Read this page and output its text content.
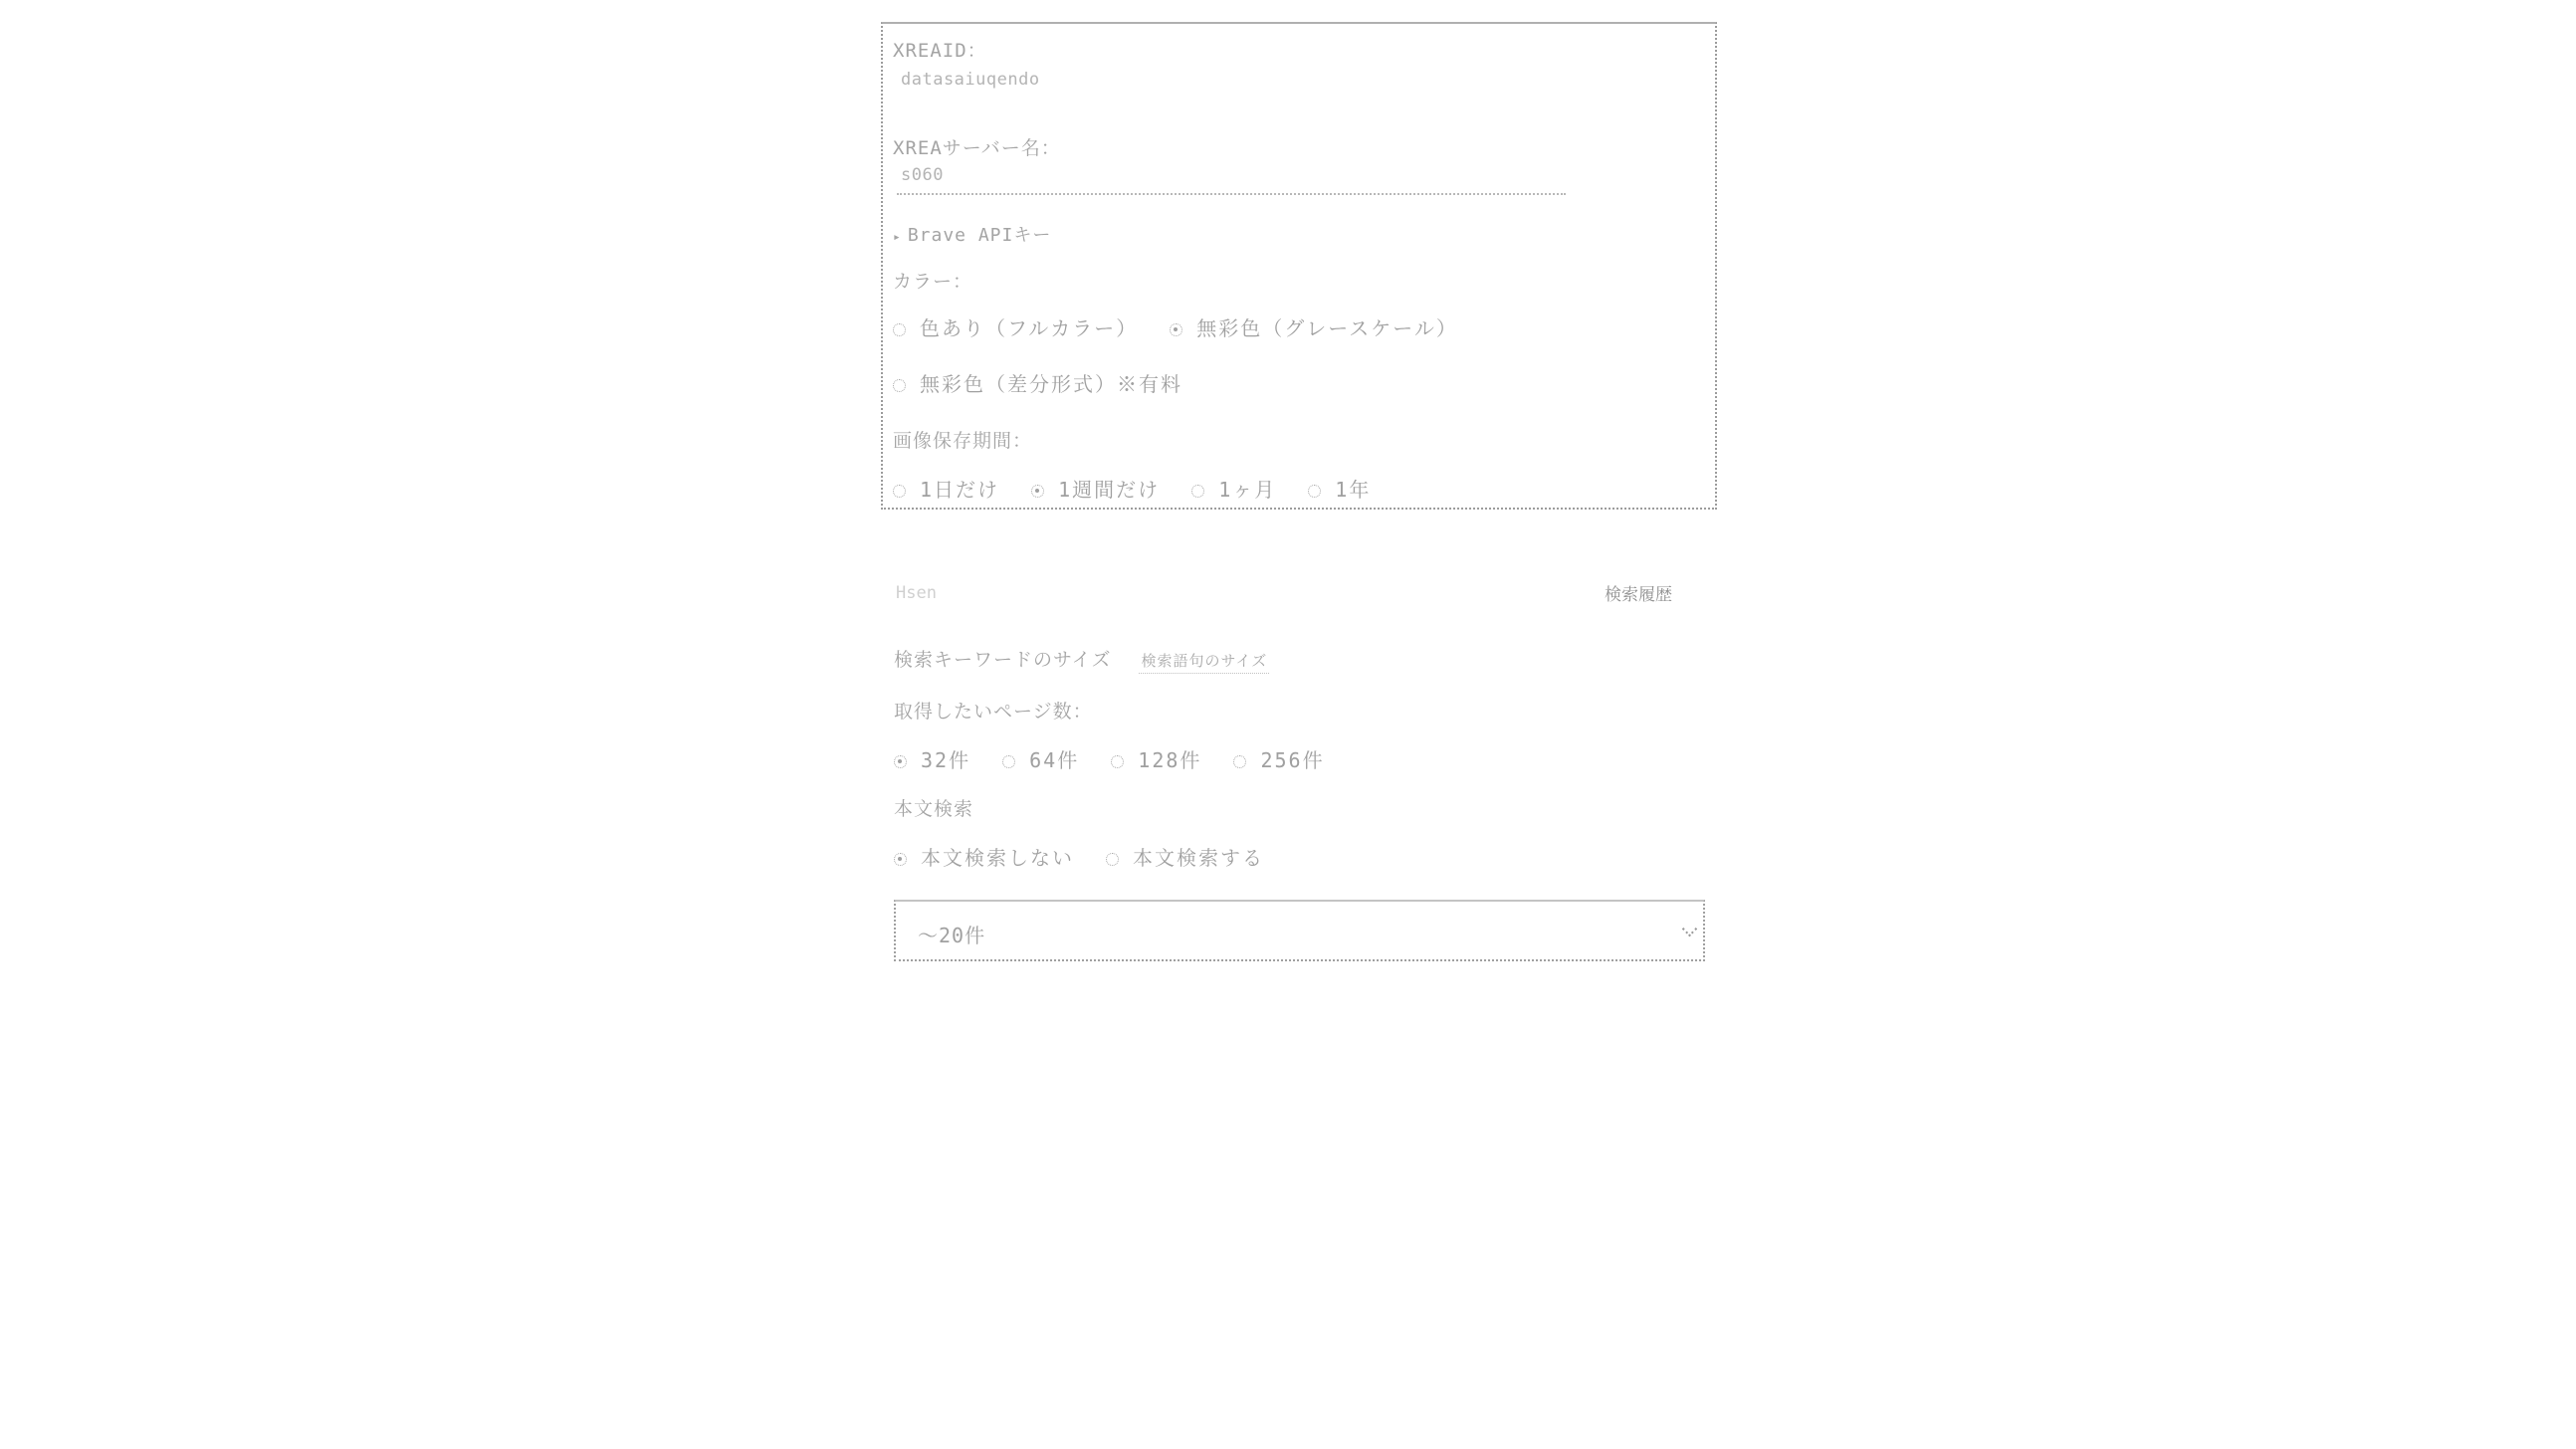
XREAID：
datasaiuqendo
XREAサーバー名：
s060
▸ Brave APIキー
カラー：
色あり（フルカラー）	無彩色（グレースケール）
無彩色（差分形式）※有料
画像保存期間：
1日だけ	1週間だけ	1ヶ月	1年
Hsen
検索履歴
検索キーワードのサイズ 検索語句のサイズ
取得したいページ数：
32件	64件	128件	256件
本文検索
本文検索しない	本文検索する
〜20件
